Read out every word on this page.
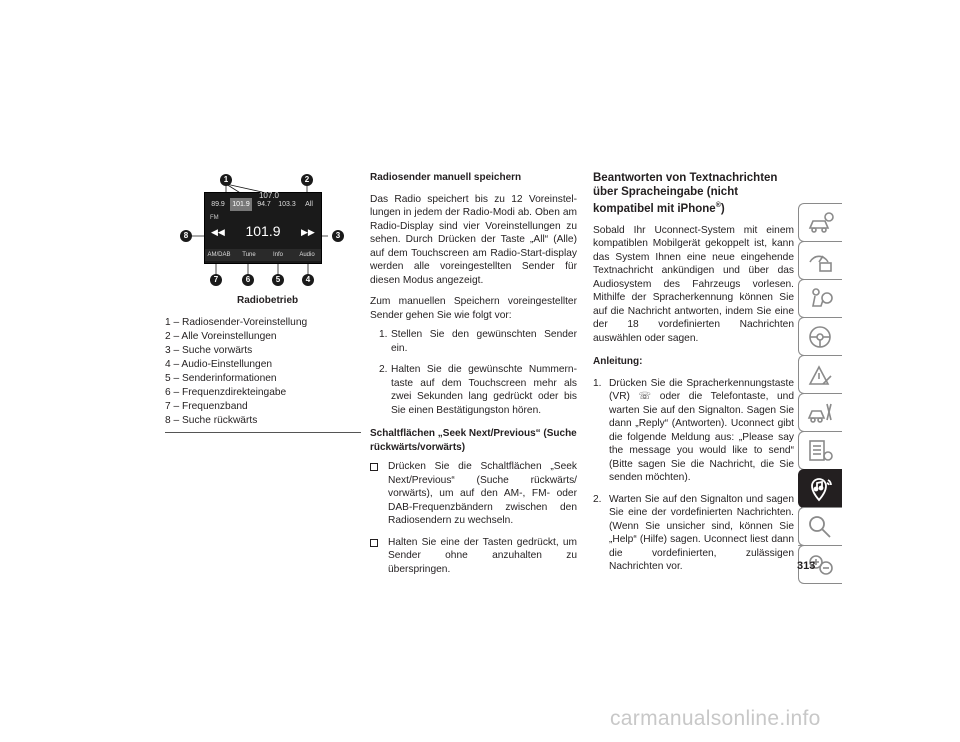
107.0
89.9	101.9	94.7	103.3	All
FM
◀◀	101.9	▶▶
AM/DAB	Tune	Info	Audio
1	2
3
4
5
6
7
8
Radiobetrieb
1 – Radiosender-Voreinstellung
2 – Alle Voreinstellungen
3 – Suche vorwärts
4 – Audio-Einstellungen
5 – Senderinformationen
6 – Frequenzdirekteingabe
7 – Frequenzband
8 – Suche rückwärts

Radiosender manuell speichern

Das Radio speichert bis zu 12 Voreinstel-lungen in jedem der Radio-Modi ab. Oben am Radio-Display sind vier Voreinstellungen zu sehen. Durch Drücken der Taste „All“ (Alle) auf dem Touchscreen am Radio-Start-display werden alle voreingestellten Sender für diesen Modus angezeigt.

Zum manuellen Speichern voreingestellter Sender gehen Sie wie folgt vor:

1. Stellen Sie den gewünschten Sender ein.
2. Halten Sie die gewünschte Nummern-taste auf dem Touchscreen mehr als zwei Sekunden lang gedrückt oder bis Sie einen Bestätigungston hören.

Schaltflächen „Seek Next/Previous“ (Suche rückwärts/vorwärts)

Drücken Sie die Schaltflächen „Seek Next/Previous“ (Suche rückwärts/ vorwärts), um auf den AM-, FM- oder DAB-Frequenzbändern zwischen den Radiosendern zu wechseln.
Halten Sie eine der Tasten gedrückt, um Sender ohne anzuhalten zu überspringen.

Beantworten von Textnachrichten über Spracheingabe (nicht kompatibel mit iPhone®)

Sobald Ihr Uconnect-System mit einem kompatiblen Mobilgerät gekoppelt ist, kann das System Ihnen eine neue eingehende Textnachricht ankündigen und über das Audiosystem des Fahrzeugs vorlesen. Mithilfe der Spracherkennung können Sie auf die Nachricht antworten, indem Sie eine der 18 vordefinierten Nachrichten auswählen oder sagen.

Anleitung:

1. Drücken Sie die Spracherkennungstaste (VR) ☏ oder die Telefontaste, und warten Sie auf den Signalton. Sagen Sie dann „Reply“ (Antworten). Uconnect gibt die folgende Meldung aus: „Please say the message you would like to send“ (Bitte sagen Sie die Nachricht, die Sie senden möchten).
2. Warten Sie auf den Signalton und sagen Sie eine der vordefinierten Nachrichten. (Wenn Sie unsicher sind, können Sie „Help“ (Hilfe) sagen. Uconnect liest dann die vordefinierten, zulässigen Nachrichten vor.	313
carmanualsonline.info
